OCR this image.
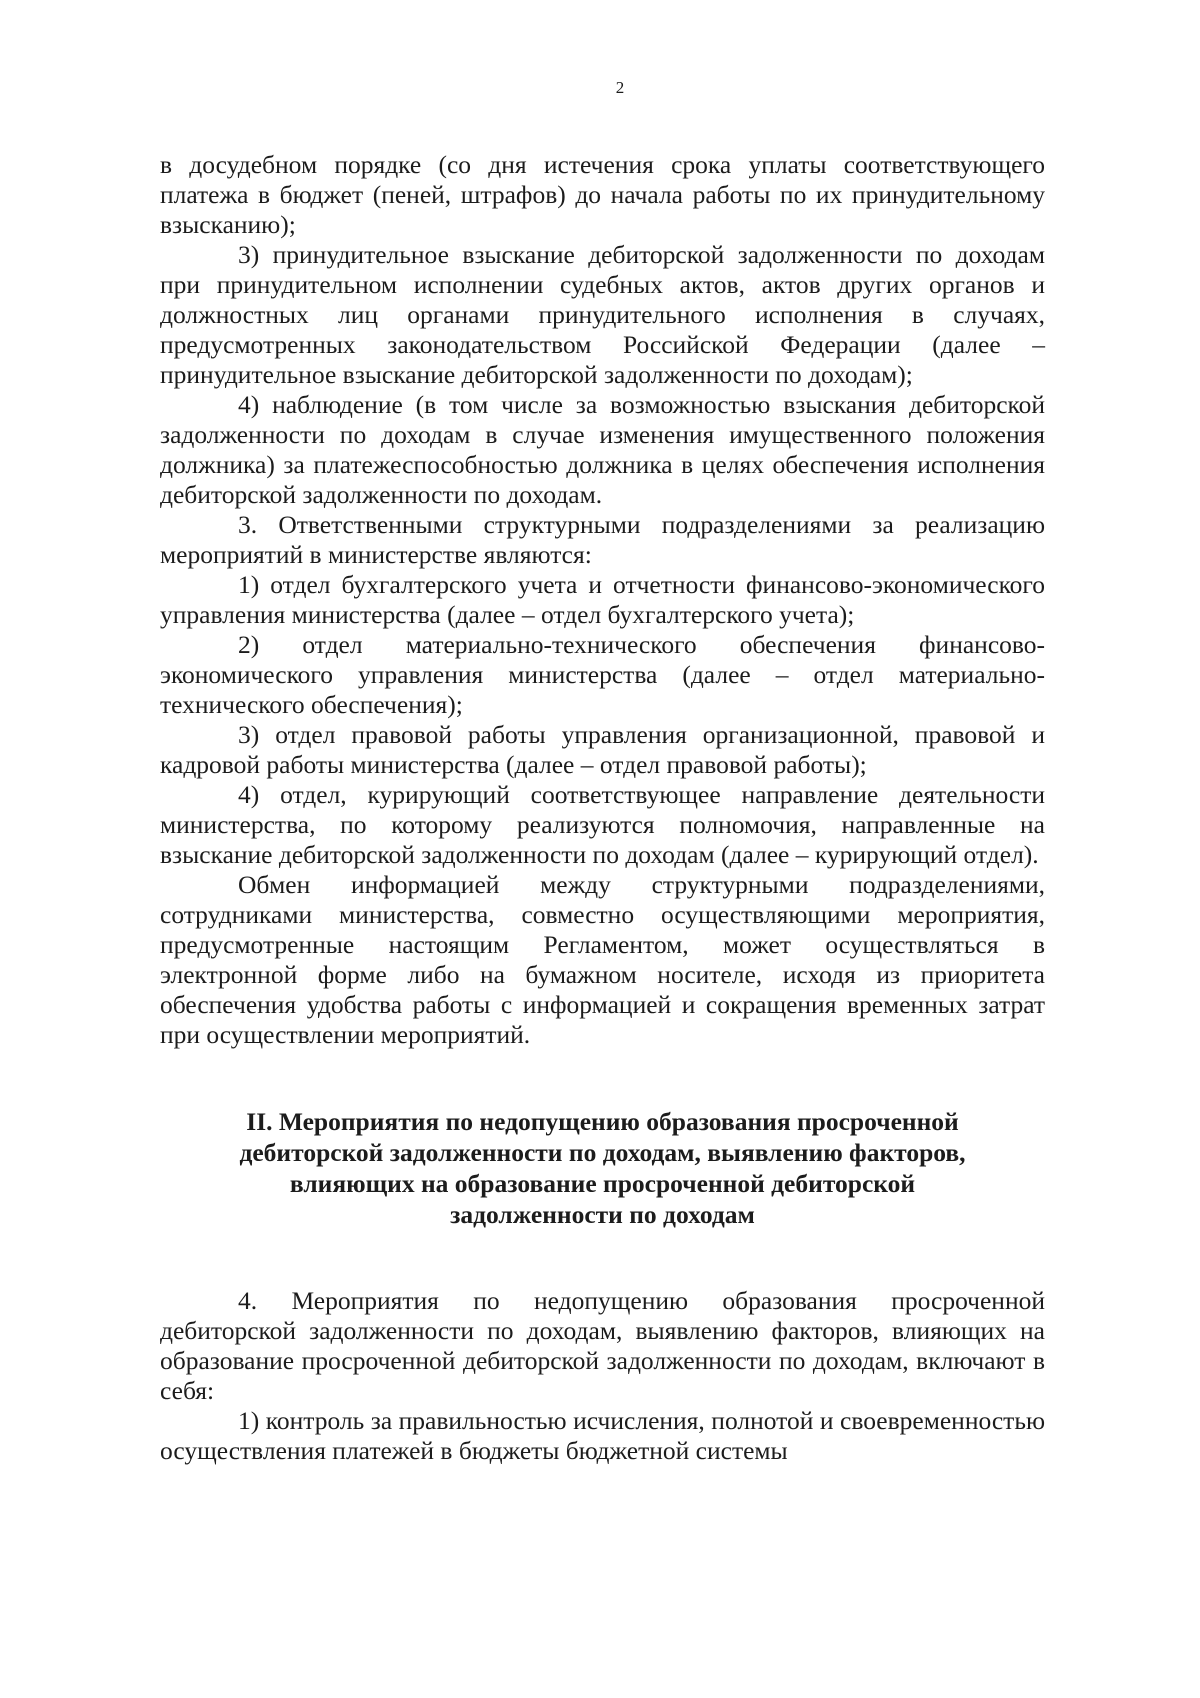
2

в досудебном порядке (со дня истечения срока уплаты соответствующего платежа в бюджет (пеней, штрафов) до начала работы по их принудительному взысканию);

3) принудительное взыскание дебиторской задолженности по доходам при принудительном исполнении судебных актов, актов других органов и должностных лиц органами принудительного исполнения в случаях, предусмотренных законодательством Российской Федерации (далее – принудительное взыскание дебиторской задолженности по доходам);

4) наблюдение (в том числе за возможностью взыскания дебиторской задолженности по доходам в случае изменения имущественного положения должника) за платежеспособностью должника в целях обеспечения исполнения дебиторской задолженности по доходам.

3. Ответственными структурными подразделениями за реализацию мероприятий в министерстве являются:

1) отдел бухгалтерского учета и отчетности финансово-экономического управления министерства (далее – отдел бухгалтерского учета);

2) отдел материально-технического обеспечения финансово-экономического управления министерства (далее – отдел материально-технического обеспечения);

3) отдел правовой работы управления организационной, правовой и кадровой работы министерства (далее – отдел правовой работы);

4) отдел, курирующий соответствующее направление деятельности министерства, по которому реализуются полномочия, направленные на взыскание дебиторской задолженности по доходам (далее – курирующий отдел).

Обмен информацией между структурными подразделениями, сотрудниками министерства, совместно осуществляющими мероприятия, предусмотренные настоящим Регламентом, может осуществляться в электронной форме либо на бумажном носителе, исходя из приоритета обеспечения удобства работы с информацией и сокращения временных затрат при осуществлении мероприятий.

II. Мероприятия по недопущению образования просроченной
дебиторской задолженности по доходам, выявлению факторов,
влияющих на образование просроченной дебиторской
задолженности по доходам

4. Мероприятия по недопущению образования просроченной дебиторской задолженности по доходам, выявлению факторов, влияющих на образование просроченной дебиторской задолженности по доходам, включают в себя:

1) контроль за правильностью исчисления, полнотой и своевременностью осуществления платежей в бюджеты бюджетной системы
